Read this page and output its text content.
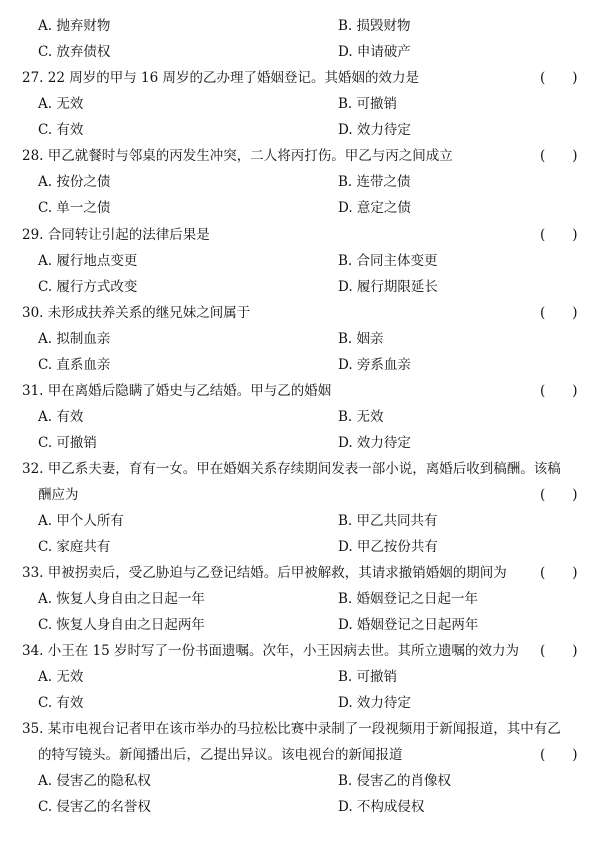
A. 抛弃财物	B. 损毁财物
C. 放弃债权	D. 申请破产
27. 22 周岁的甲与 16 周岁的乙办理了婚姻登记。其婚姻的效力是	(　　)
A. 无效	B. 可撤销
C. 有效	D. 效力待定
28. 甲乙就餐时与邻桌的丙发生冲突，二人将丙打伤。甲乙与丙之间成立	(　　)
A. 按份之债	B. 连带之债
C. 单一之债	D. 意定之债
29. 合同转让引起的法律后果是	(　　)
A. 履行地点变更	B. 合同主体变更
C. 履行方式改变	D. 履行期限延长
30. 未形成扶养关系的继兄妹之间属于	(　　)
A. 拟制血亲	B. 姻亲
C. 直系血亲	D. 旁系血亲
31. 甲在离婚后隐瞒了婚史与乙结婚。甲与乙的婚姻	(　　)
A. 有效	B. 无效
C. 可撤销	D. 效力待定
32. 甲乙系夫妻，育有一女。甲在婚姻关系存续期间发表一部小说，离婚后收到稿酬。该稿
酬应为	(　　)
A. 甲个人所有	B. 甲乙共同共有
C. 家庭共有	D. 甲乙按份共有
33. 甲被拐卖后，受乙胁迫与乙登记结婚。后甲被解救，其请求撤销婚姻的期间为 (　　)
A. 恢复人身自由之日起一年	B. 婚姻登记之日起一年
C. 恢复人身自由之日起两年	D. 婚姻登记之日起两年
34. 小王在 15 岁时写了一份书面遗嘱。次年，小王因病去世。其所立遗嘱的效力为 (　　)
A. 无效	B. 可撤销
C. 有效	D. 效力待定
35. 某市电视台记者甲在该市举办的马拉松比赛中录制了一段视频用于新闻报道，其中有乙
的特写镜头。新闻播出后，乙提出异议。该电视台的新闻报道	(　　)
A. 侵害乙的隐私权	B. 侵害乙的肖像权
C. 侵害乙的名誉权	D. 不构成侵权
